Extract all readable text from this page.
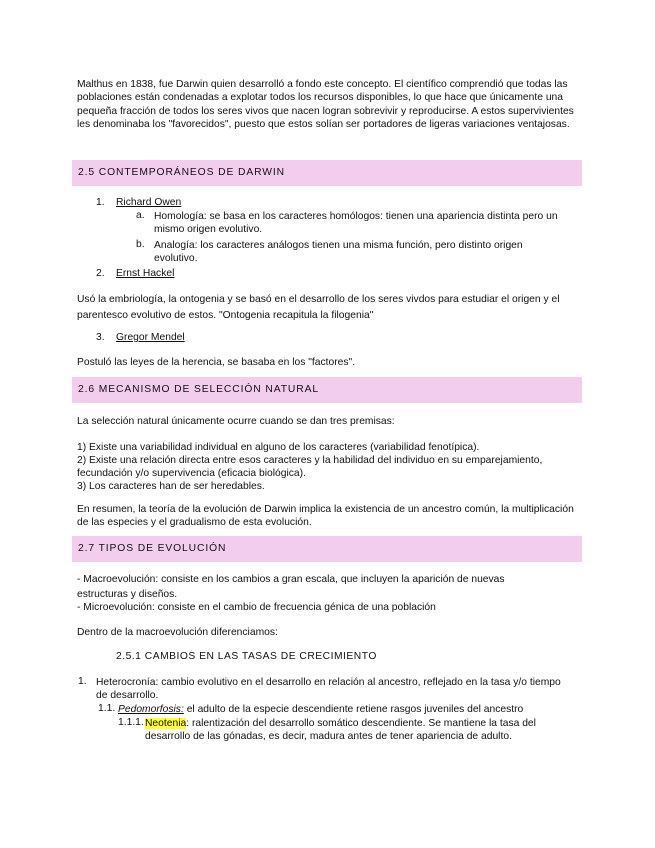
Malthus en 1838, fue Darwin quien desarrolló a fondo este concepto. El científico comprendió que todas las poblaciones están condenadas a explotar todos los recursos disponibles, lo que hace que únicamente una pequeña fracción de todos los seres vivos que nacen logran sobrevivir y reproducirse. A estos supervivientes les denominaba los "favorecidos", puesto que estos solían ser portadores de ligeras variaciones ventajosas.

2.5 CONTEMPORÁNEOS DE DARWIN
1. Richard Owen
a. Homología: se basa en los caracteres homólogos: tienen una apariencia distinta pero un mismo origen evolutivo.

b. Analogía: los caracteres análogos tienen una misma función, pero distinto origen evolutivo.

2. Ernst Hackel

Usó la embriología, la ontogenia y se basó en el desarrollo de los seres vivdos para estudiar el origen y el parentesco evolutivo de estos. "Ontogenia recapitula la filogenia"

3. Gregor Mendel

Postuló las leyes de la herencia, se basaba en los "factores".

2.6 MECANISMO DE SELECCIÓN NATURAL

La selección natural únicamente ocurre cuando se dan tres premisas:

1) Existe una variabilidad individual en alguno de los caracteres (variabilidad fenotípica).

2) Existe una relación directa entre esos caracteres y la habilidad del individuo en su emparejamiento, fecundación y/o supervivencia (eficacia biológica).

3) Los caracteres han de ser heredables.

En resumen, la teoría de la evolución de Darwin implica la existencia de un ancestro común, la multiplicación de las especies y el gradualismo de esta evolución.

2.7 TIPOS DE EVOLUCIÓN

- Macroevolución: consiste en los cambios a gran escala, que incluyen la aparición de nuevas estructuras y diseños.

- Microevolución: consiste en el cambio de frecuencia génica de una población

Dentro de la macroevolución diferenciamos:

2.5.1 CAMBIOS EN LAS TASAS DE CRECIMIENTO
1. Heterocronía: cambio evolutivo en el desarrollo en relación al ancestro, reflejado en la tasa y/o tiempo de desarrollo.

1.1. Pedomorfosis: el adulto de la especie descendiente retiene rasgos juveniles del ancestro

1.1.1. Neotenia: ralentización del desarrollo somático descendiente. Se mantiene la tasa del desarrollo de las gónadas, es decir, madura antes de tener apariencia de adulto.
